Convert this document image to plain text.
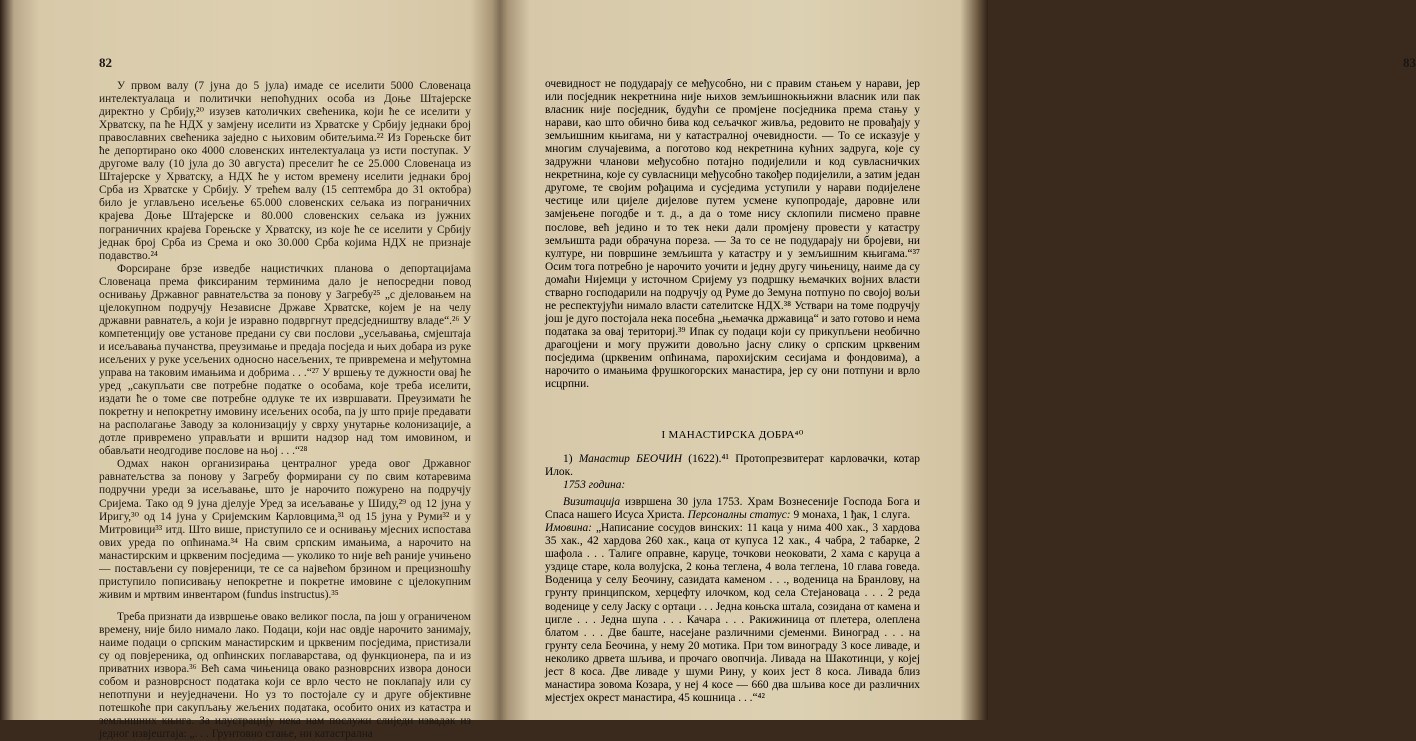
82

У првом валу (7 јуна до 5 јула) имаде се иселити 5000 Словенаца интелектуалаца и политички непоћудних особа из Доње Штајерске директно у Србију,²⁰ изузев католичких свећеника, који ће се иселити у Хрватску, па ће НДХ у замјену иселити из Хрватске у Србију једнаки број православних свећеника заједно с њиховим обитељима.²² Из Горењске бит ће депортирано око 4000 словенских интелектуалаца уз исти поступак. У другоме валу (10 јула до 30 августа) преселит ће се 25.000 Словенаца из Штајерске у Хрватску, а НДХ ће у истом времену иселити једнаки број Срба из Хрватске у Србију. У трећем валу (15 септембра до 31 октобра) било је углављено исељење 65.000 словенских сељака из пограничних крајева Доње Штајерске и 80.000 словенских сељака из јужних пограничних крајева Горењске у Хрватску, из које ће се иселити у Србију једнак број Срба из Срема и око 30.000 Срба којима НДХ не признаје подавство.²⁴

Форсиране брзе изведбе нацистичких планова о депортацијама Словенаца према фиксираним терминима дало је непосредни повод оснивању Државног равнатељства за понову у Загребу²⁵ „с дјеловањем на цјелокупном подручју Независне Државе Хрватске, којем је на челу државни равнатељ, а који је изравно подвргнут предсједништву владе“.²⁶ У компетенцију ове установе предани су сви послови „усељавања, смјештаја и исељавања пучанства, преузимање и предаја посједа и њих добара из руке исељених у руке усељених односно насељених, те привремена и међутомна управа на таковим имањима и добрима . . .“²⁷ У вршењу те дужности овај ће уред „сакупљати све потребне податке о особама, које треба иселити, издати ће о томе све потребне одлуке те их извршавати. Преузимати ће покретну и непокретну имовину исељених особа, па ју што прије предавати на располагање Заводу за колонизацију у сврху унутарње колонизације, а дотле привремено управљати и вршити надзор над том имовином, и обављати неодгодиве послове на њој . . .“²⁸

Одмах након организирања централног уреда овог Државног равнатељства за понову у Загребу формирани су по свим котаревима подручни уреди за исељавање, што је нарочито пожурено на подручју Сријема. Тако од 9 јуна дјелује Уред за исељавање у Шиду,²⁹ од 12 јуна у Иригу,³⁰ од 14 јуна у Сријемским Карловцима,³¹ од 15 јуна у Руми³² и у Митровици³³ итд. Што више, приступило се и оснивању мјесних испостава ових уреда по опћинама.³⁴ На свим српским имањима, а нарочито на манастирским и црквеним посједима — уколико то није већ раније учињено — постављени су повјереници, те се са највећом брзином и прецизношћу приступило пописивању непокретне и покретне имовине с цјелокупним живим и мртвим инвентаром (fundus instructus).³⁵

Треба признати да извршење овако великог посла, па још у ограниченом времену, није било нимало лако. Подаци, који нас овдје нарочито занимају, наиме подаци о српским манастирским и црквеним посједима, пристизали су од повјереника, од опћинских поглаварстава, од функционера, па и из приватних извора.³⁶ Већ сама чињеница овако разноврсних извора доноси собом и разноврсност података који се врло често не поклапају или су непотпуни и неуједначени. Но уз то постојале су и друге објективне потешкоће при сакупљању жељених података, особито оних из катастра и земљишних књига. За илустрацију нека нам послужи слиједи извадак из једног извјештаја: „. . . Грунтовно стање, ни катастрална

83

очевидност не подударају се међусобно, ни с правим стањем у нарави, јер или посједник некретнина није њихов земљишнокњижни власник или пак власник није посједник, будући се промјене посједника према стању у нарави, као што обично бива код сељачког живља, редовито не провађају у земљишним књигама, ни у катастралној очевидности. — То се исказује у многим случајевима, а поготово код некретнина кућних задруга, које су задружни чланови међусобно потајно подијелили и код сувласничких некретнина, које су сувласници међусобно такођер подијелили, а затим један другоме, те својим рођацима и сусједима уступили у нарави подијелене честице или цијеле дијелове путем усмене купопродаје, даровне или замјењене погодбе и т. д., а да о томе нису склопили писмено правне послове, већ једино и то тек неки дали промјену провести у катастру земљишта ради обрачуна пореза. — За то се не подударају ни бројеви, ни културе, ни површине земљишта у катастру и у земљишним књигама.“³⁷ Осим тога потребно је нарочито уочити и једну другу чињеницу, наиме да су домаћи Нијемци у источном Сријему уз подршку њемачких војних власти стварно господарили на подручју од Руме до Земуна потпуно по својој вољи не респектујући нимало власти сателитске НДХ.³⁸ Уствари на томе подручју још је дуго постојала нека посебна „њемачка државица“ и зато готово и нема података за овај териториј.³⁹ Ипак су подаци који су прикупљени необично драгоцјени и могу пружити довољно јасну слику о српским црквеним посједима (црквеним опћинама, парохијским сесијама и фондовима), а нарочито о имањима фрушкогорских манастира, јер су они потпуни и врло исцрпни.

I МАНАСТИРСКА ДОБРА⁴⁰

1) Манастир БЕОЧИН (1622).⁴¹ Протопрезвитерат карловачки, котар Илок.

1753 година:

Визитација извршена 30 јула 1753. Храм Вознесеније Господа Бога и Спаса нашего Исуса Христа. Персоналны статус: 9 монаха, 1 ђак, 1 слуга.

Имовина: „Написание сосудов винских: 11 каца у нима 400 хак., 3 хардова 35 хак., 42 хардова 260 хак., кацa от купуса 12 хак., 4 чабра, 2 табарке, 2 шафола . . . Талиге оправне, каруце, точкови неоковати, 2 хама с каруца а уздице старе, кола волујска, 2 коња тегленa, 4 вола тегленa, 10 глава говеда. Воденица у селу Беочину, сазидата каменом . . ., воденица на Бранлову, на грунту принципском, херцефту илочком, код села Стејановаца . . . 2 реда воденице у селу Јаску с ортаци . . . Једна коњска штала, созидана от камена и цигле . . . Једна шупа . . . Качара . . . Ракижиница от плетера, олеплена блатом . . . Две баште, насејане различними сјеменми. Виноград . . . на грунту села Беочина, у нему 20 мотика. При том винограду 3 косе ливаде, и неколико дрвета шљива, и прочаго овопчија. Ливада на Шакотинци, у којеj јест 8 коса. Две ливаде у шуми Рину, у коих јест 8 коса. Ливада близ манастира зовома Козара, у неј 4 косе — 660 два шљива косе ди различних мјестјех окрест манастира, 45 кошница . . .“⁴²
